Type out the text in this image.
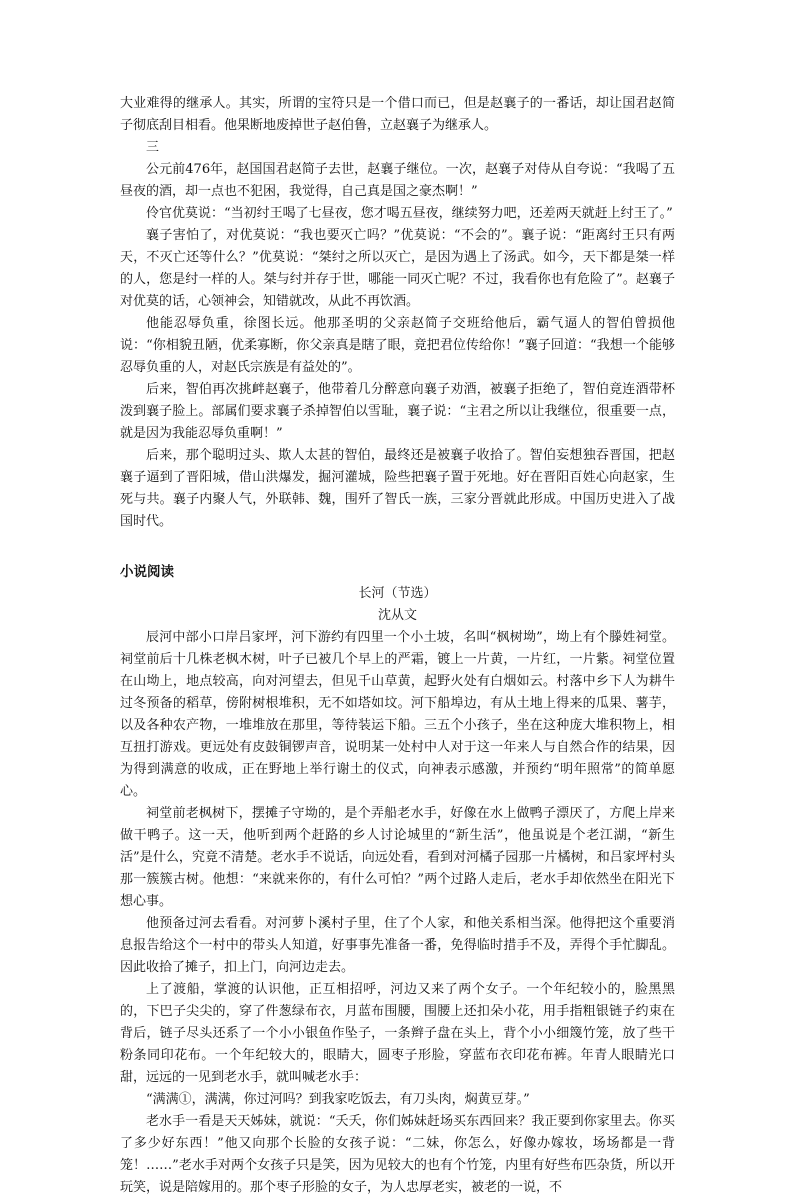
大业难得的继承人。其实，所谓的宝符只是一个借口而已，但是赵襄子的一番话，却让国君赵简子彻底刮目相看。他果断地废掉世子赵伯鲁，立赵襄子为继承人。

三

公元前476年，赵国国君赵简子去世，赵襄子继位。一次，赵襄子对侍从自夸说：“我喝了五昼夜的酒，却一点也不犯困，我觉得，自己真是国之豪杰啊！”

伶官优莫说：“当初纣王喝了七昼夜，您才喝五昼夜，继续努力吧，还差两天就赶上纣王了。”

襄子害怕了，对优莫说：“我也要灭亡吗？”优莫说：“不会的”。襄子说：“距离纣王只有两天，不灭亡还等什么？”优莫说：“桀纣之所以灭亡，是因为遇上了汤武。如今，天下都是桀一样的人，您是纣一样的人。桀与纣并存于世，哪能一同灭亡呢？不过，我看你也有危险了”。赵襄子对优莫的话，心领神会，知错就改，从此不再饮酒。

他能忍辱负重，徐图长远。他那圣明的父亲赵简子交班给他后，霸气逼人的智伯曾损他说：“你相貌丑陋，优柔寡断，你父亲真是瞎了眼，竟把君位传给你！”襄子回道：“我想一个能够忍辱负重的人，对赵氏宗族是有益处的”。

后来，智伯再次挑衅赵襄子，他带着几分醉意向襄子劝酒，被襄子拒绝了，智伯竟连酒带杯泼到襄子脸上。部属们要求襄子杀掉智伯以雪耻，襄子说：“主君之所以让我继位，很重要一点，就是因为我能忍辱负重啊！”

后来，那个聪明过头、欺人太甚的智伯，最终还是被襄子收拾了。智伯妄想独吞晋国，把赵襄子逼到了晋阳城，借山洪爆发，掘河灌城，险些把襄子置于死地。好在晋阳百姓心向赵家，生死与共。襄子内聚人气，外联韩、魏，围歼了智氏一族，三家分晋就此形成。中国历史进入了战国时代。

小说阅读

长河（节选）

沈从文

辰河中部小口岸吕家坪，河下游约有四里一个小土坡，名叫“枫树坳”，坳上有个滕姓祠堂。祠堂前后十几株老枫木树，叶子已被几个早上的严霜，镀上一片黄，一片红，一片紫。祠堂位置在山坳上，地点较高，向对河望去，但见千山草黄，起野火处有白烟如云。村落中乡下人为耕牛过冬预备的稻草，傍附树根堆积，无不如塔如坟。河下船埠边，有从土地上得来的瓜果、薯芋，以及各种农产物，一堆堆放在那里，等待装运下船。三五个小孩子，坐在这种庞大堆积物上，相互扭打游戏。更远处有皮鼓铜锣声音，说明某一处村中人对于这一年来人与自然合作的结果，因为得到满意的收成，正在野地上举行谢土的仪式，向神表示感激，并预约“明年照常”的简单愿心。

祠堂前老枫树下，摆摊子守坳的，是个弄船老水手，好像在水上做鸭子漂厌了，方爬上岸来做干鸭子。这一天，他听到两个赶路的乡人讨论城里的“新生活”，他虽说是个老江湖，“新生活”是什么，究竟不清楚。老水手不说话，向远处看，看到对河橘子园那一片橘树，和吕家坪村头那一簇簇古树。他想：“来就来你的，有什么可怕？”两个过路人走后，老水手却依然坐在阳光下想心事。

他预备过河去看看。对河萝卜溪村子里，住了个人家，和他关系相当深。他得把这个重要消息报告给这个一村中的带头人知道，好事事先准备一番，免得临时措手不及，弄得个手忙脚乱。因此收拾了摊子，扣上门，向河边走去。

上了渡船，掌渡的认识他，正互相招呼，河边又来了两个女子。一个年纪较小的，脸黑黑的，下巴子尖尖的，穿了件葱绿布衣，月蓝布围腰，围腰上还扣朵小花，用手指粗银链子约束在背后，链子尽头还系了一个小小银鱼作坠子，一条辫子盘在头上，背个小小细篾竹笼，放了些干粉条同印花布。一个年纪较大的，眼睛大，圆枣子形脸，穿蓝布衣印花布裤。年青人眼睛光口甜，远远的一见到老水手，就叫喊老水手：

“满满①，满满，你过河吗？到我家吃饭去，有刀头肉，焖黄豆芽。”

老水手一看是天天姊妹，就说：“夭夭，你们姊妹赶场买东西回来？我正要到你家里去。你买了多少好东西！”他又向那个长脸的女孩子说：“二妹，你怎么，好像办嫁妆，场场都是一背笼！……”老水手对两个女孩子只是笑，因为见较大的也有个竹笼，内里有好些布匹杂货，所以开玩笑，说是陪嫁用的。那个枣子形脸的女子，为人忠厚老实，被老的一说，不
